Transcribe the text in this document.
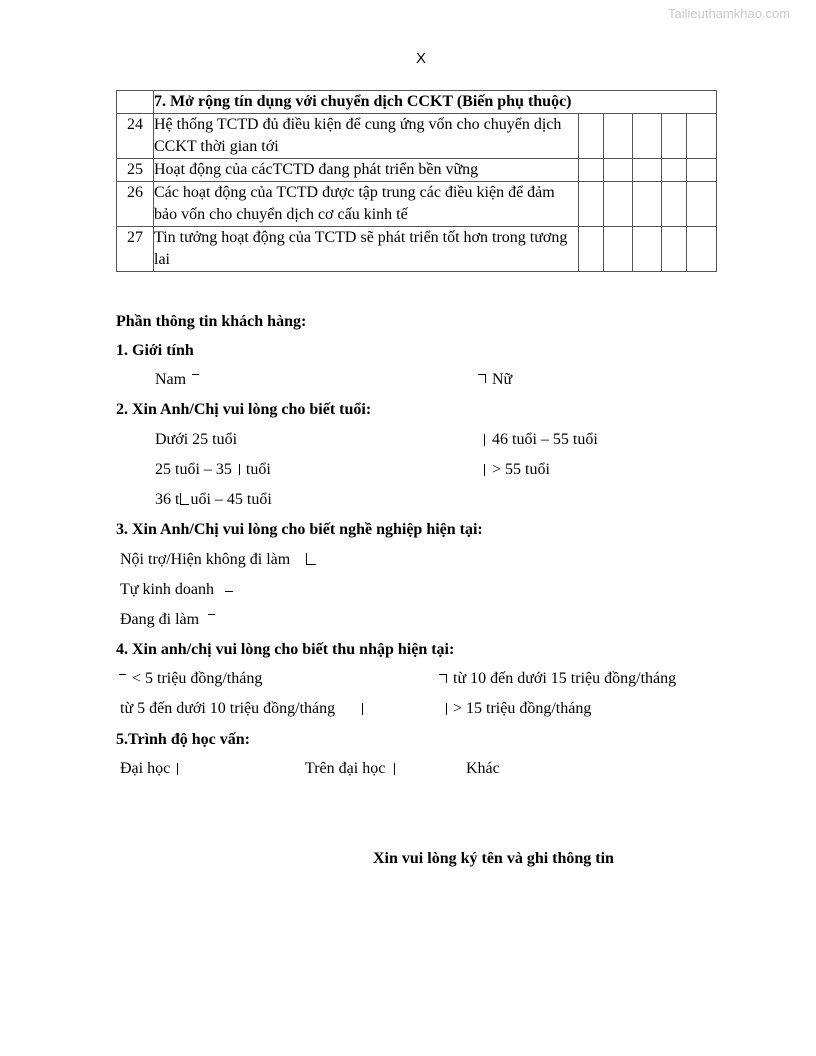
Tailieuthamkhao.com
X

	7. Mở rộng tín dụng với chuyển dịch CCKT (Biến phụ thuộc)					

24	Hệ thống TCTD đủ điều kiện để cung ứng vốn cho chuyển dịch CCKT thời gian tới					
25	Hoạt động của cácTCTD đang phát triển bền vững					
26	Các hoạt động của TCTD được tập trung các điều kiện để đảm bảo vốn cho chuyển dịch cơ cấu kinh tế					
27	Tin tưởng hoạt động của TCTD sẽ phát triển tốt hơn trong tương lai					
Phần thông tin khách hàng:
1. Giới tính
Nam	Nữ
2. Xin Anh/Chị vui lòng cho biết tuổi:
Dưới 25 tuổi	46 tuổi – 55 tuổi
25 tuổi – 35 tuổi	> 55 tuổi
36 t uổi – 45 tuổi
3. Xin Anh/Chị vui lòng cho biết nghề nghiệp hiện tại:
Nội trợ/Hiện không đi làm
Tự kinh doanh
Đang đi làm
4. Xin anh/chị vui lòng cho biết thu nhập hiện tại:
< 5 triệu đồng/tháng	từ 10 đến dưới 15 triệu đồng/tháng
từ 5 đến dưới 10 triệu đồng/tháng	> 15 triệu đồng/tháng
5.Trình độ học vấn:
Đại học	Trên đại học	Khác
Xin vui lòng ký tên và ghi thông tin
